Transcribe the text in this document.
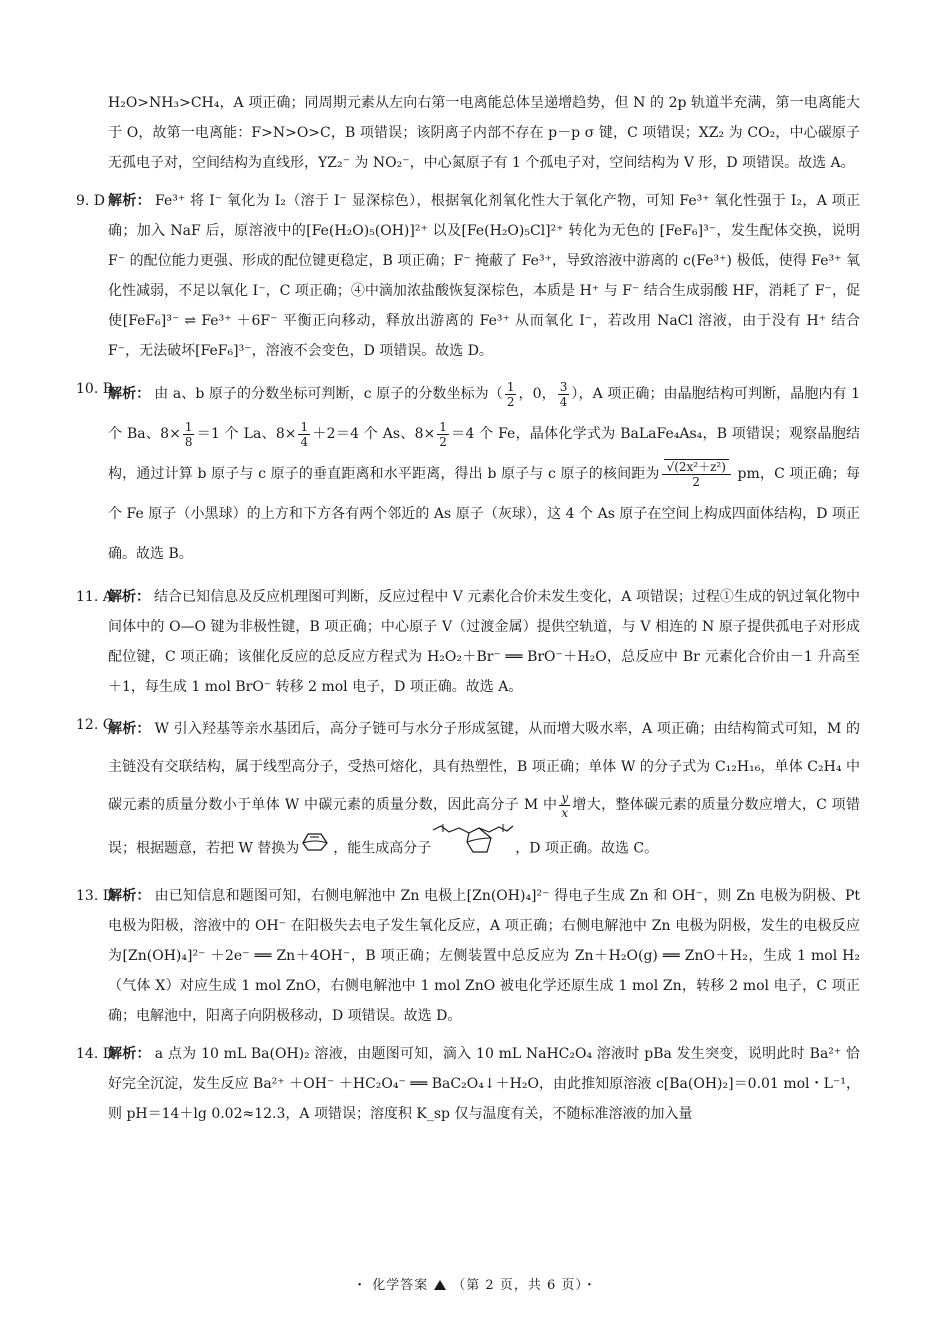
H₂O>NH₃>CH₄，A 项正确；同周期元素从左向右第一电离能总体呈递增趋势，但 N 的 2p 轨道半充满，第一电离能大于 O，故第一电离能：F>N>O>C，B 项错误；该阴离子内部不存在 p－p σ 键，C 项错误；XZ₂ 为 CO₂，中心碳原子无孤电子对，空间结构为直线形，YZ₂⁻ 为 NO₂⁻，中心氮原子有 1 个孤电子对，空间结构为 V 形，D 项错误。故选 A。

9. D 解析： Fe³⁺ 将 I⁻ 氧化为 I₂（溶于 I⁻ 显深棕色），根据氧化剂氧化性大于氧化产物，可知 Fe³⁺ 氧化性强于 I₂，A 项正确；加入 NaF 后，原溶液中的[Fe(H₂O)₅(OH)]²⁺ 以及[Fe(H₂O)₅Cl]²⁺ 转化为无色的 [FeF₆]³⁻，发生配体交换，说明 F⁻ 的配位能力更强、形成的配位键更稳定，B 项正确；F⁻ 掩蔽了 Fe³⁺，导致溶液中游离的 c(Fe³⁺) 极低，使得 Fe³⁺ 氧化性减弱，不足以氧化 I⁻，C 项正确；④中滴加浓盐酸恢复深棕色，本质是 H⁺ 与 F⁻ 结合生成弱酸 HF，消耗了 F⁻，促使[FeF₆]³⁻ ⇌ Fe³⁺ ＋6F⁻ 平衡正向移动，释放出游离的 Fe³⁺ 从而氧化 I⁻，若改用 NaCl 溶液，由于没有 H⁺ 结合 F⁻，无法破坏[FeF₆]³⁻，溶液不会变色，D 项错误。故选 D。

10. B

解析： 由 a、b 原子的分数坐标可判断，c 原子的分数坐标为（ $\frac{1}{2}$ ，0， $\frac{3}{4}$ ），A 项正确；由晶胞结构可判断，晶胞内有 1 个 Ba、$8\times \frac{1}{8} =1$ 个 La、$8\times \frac{1}{4} +2=4$ 个 As、$8\times \frac{1}{2} =4$ 个 Fe，晶体化学式为 BaLaFe₄As₄，B 项错误；观察晶胞结构，通过计算 b 原子与 c 原子的垂直距离和水平距离，得出 b 原子与 c 原子的核间距为 $\frac{\text{√(2x²＋z²)}}{2}$ pm，C 项正确；每个 Fe 原子（小黑球）的上方和下方各有两个邻近的 As 原子（灰球），这 4 个 As 原子在空间上构成四面体结构，D 项正确。故选 B。

11. A

解析： 结合已知信息及反应机理图可判断，反应过程中 V 元素化合价未发生变化，A 项错误；过程①生成的钒过氧化物中间体中的 O—O 键为非极性键，B 项正确；中心原子 V（过渡金属）提供空轨道，与 V 相连的 N 原子提供孤电子对形成配位键，C 项正确；该催化反应的总反应方程式为 H₂O₂＋Br⁻ ══ BrO⁻＋H₂O，总反应中 Br 元素化合价由－1 升高至＋1，每生成 1 mol BrO⁻ 转移 2 mol 电子，D 项正确。故选 A。

12. C

解析： W 引入羟基等亲水基团后，高分子链可与水分子形成氢键，从而增大吸水率，A 项正确；由结构简式可知，M 的主链没有交联结构，属于线型高分子，受热可熔化，具有热塑性，B 项正确；单体 W 的分子式为 C₁₂H₁₆，单体 C₂H₄ 中碳元素的质量分数小于单体 W 中碳元素的质量分数，因此高分子 M 中 $\frac{y}{x}$ 增大，整体碳元素的质量分数应增大，C 项错误；根据题意，若把 W 替换为 ，能生成高分子	，D 项正确。故选 C。

13. D

解析： 由已知信息和题图可知，右侧电解池中 Zn 电极上[Zn(OH)₄]²⁻ 得电子生成 Zn 和 OH⁻，则 Zn 电极为阴极、Pt 电极为阳极，溶液中的 OH⁻ 在阳极失去电子发生氧化反应，A 项正确；右侧电解池中 Zn 电极为阴极，发生的电极反应为[Zn(OH)₄]²⁻ ＋2e⁻ ══ Zn＋4OH⁻，B 项正确；左侧装置中总反应为 Zn＋H₂O(g) ══ ZnO＋H₂，生成 1 mol H₂（气体 X）对应生成 1 mol ZnO，右侧电解池中 1 mol ZnO 被电化学还原生成 1 mol Zn，转移 2 mol 电子，C 项正确；电解池中，阳离子向阴极移动，D 项错误。故选 D。

14. D

解析： a 点为 10 mL Ba(OH)₂ 溶液，由题图可知，滴入 10 mL NaHC₂O₄ 溶液时 pBa 发生突变，说明此时 Ba²⁺ 恰好完全沉淀，发生反应 Ba²⁺ ＋OH⁻ ＋HC₂O₄⁻ ══ BaC₂O₄↓＋H₂O，由此推知原溶液 c[Ba(OH)₂]＝0.01 mol・L⁻¹，则 pH＝14＋lg 0.02≈12.3，A 项错误；溶度积 K_sp 仅与温度有关，不随标准溶液的加入量

・ 化学答案 （第 2 页，共 6 页）・
